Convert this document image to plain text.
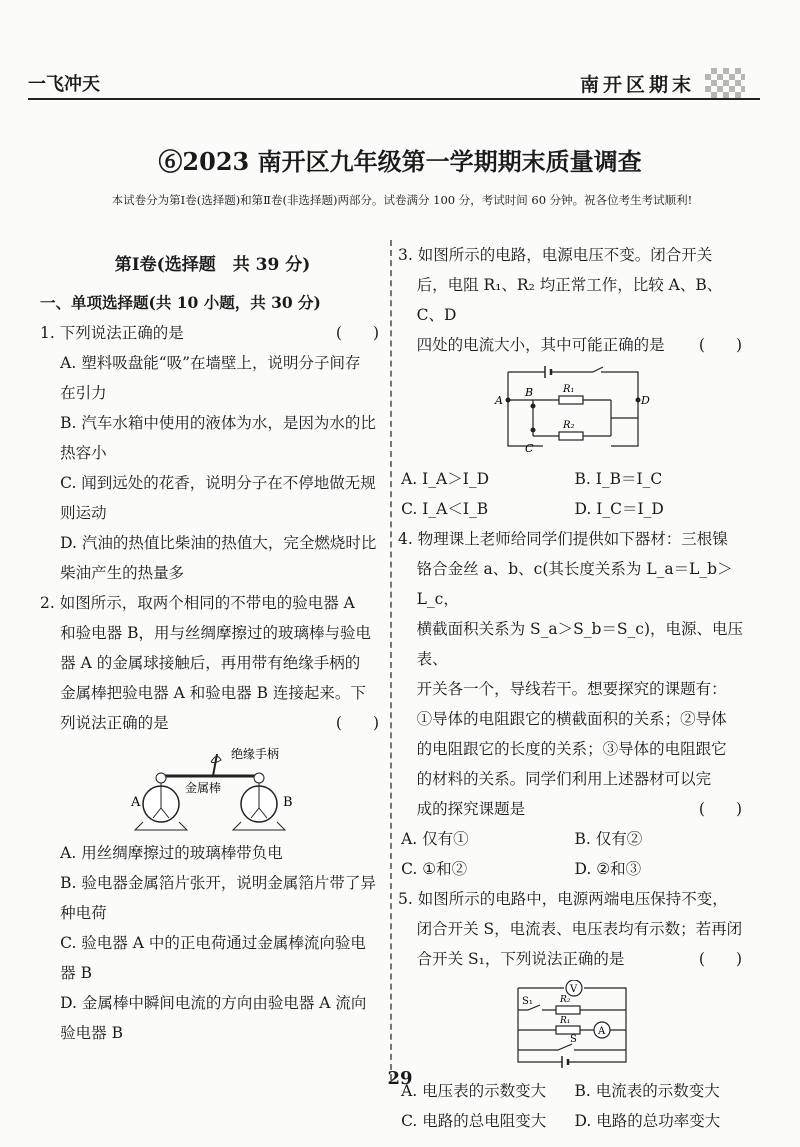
一飞冲天	南开区期末
⑥2023 南开区九年级第一学期期末质量调查
本试卷分为第Ⅰ卷(选择题)和第Ⅱ卷(非选择题)两部分。试卷满分 100 分，考试时间 60 分钟。祝各位考生考试顺利!

第Ⅰ卷(选择题　共 39 分)

一、单项选择题(共 10 小题，共 30 分)

1. 下列说法正确的是	(　　)

A. 塑料吸盘能“吸”在墙壁上，说明分子间存

在引力

B. 汽车水箱中使用的液体为水，是因为水的比

热容小

C. 闻到远处的花香，说明分子在不停地做无规

则运动

D. 汽油的热值比柴油的热值大，完全燃烧时比

柴油产生的热量多

2. 如图所示，取两个相同的不带电的验电器 A

和验电器 B，用与丝绸摩擦过的玻璃棒与验电

器 A 的金属球接触后，再用带有绝缘手柄的

金属棒把验电器 A 和验电器 B 连接起来。下

列说法正确的是	(　　)

绝缘手柄
金属棒
A	B

A. 用丝绸摩擦过的玻璃棒带负电

B. 验电器金属箔片张开，说明金属箔片带了异

种电荷

C. 验电器 A 中的正电荷通过金属棒流向验电

器 B

D. 金属棒中瞬间电流的方向由验电器 A 流向

验电器 B

3. 如图所示的电路，电源电压不变。闭合开关

后，电阻 R₁、R₂ 均正常工作，比较 A、B、C、D

四处的电流大小，其中可能正确的是 (　　)

A
B
C
D
R₁
R₂
A. I_A＞I_D	B. I_B＝I_C
C. I_A＜I_B	D. I_C＝I_D

4. 物理课上老师给同学们提供如下器材：三根镍

铬合金丝 a、b、c(其长度关系为 L_a＝L_b＞L_c，

横截面积关系为 S_a＞S_b＝S_c)，电源、电压表、

开关各一个，导线若干。想要探究的课题有：

①导体的电阻跟它的横截面积的关系；②导体

的电阻跟它的长度的关系；③导体的电阻跟它

的材料的关系。同学们利用上述器材可以完

成的探究课题是	(　　)

A. 仅有①	B. 仅有②
C. ①和②	D. ②和③

5. 如图所示的电路中，电源两端电压保持不变，

闭合开关 S，电流表、电压表均有示数；若再闭

合开关 S₁，下列说法正确的是	(　　)

V
A
S₁
S
R₂
R₁
A. 电压表的示数变大	B. 电流表的示数变大
C. 电路的总电阻变大	D. 电路的总功率变大
29
